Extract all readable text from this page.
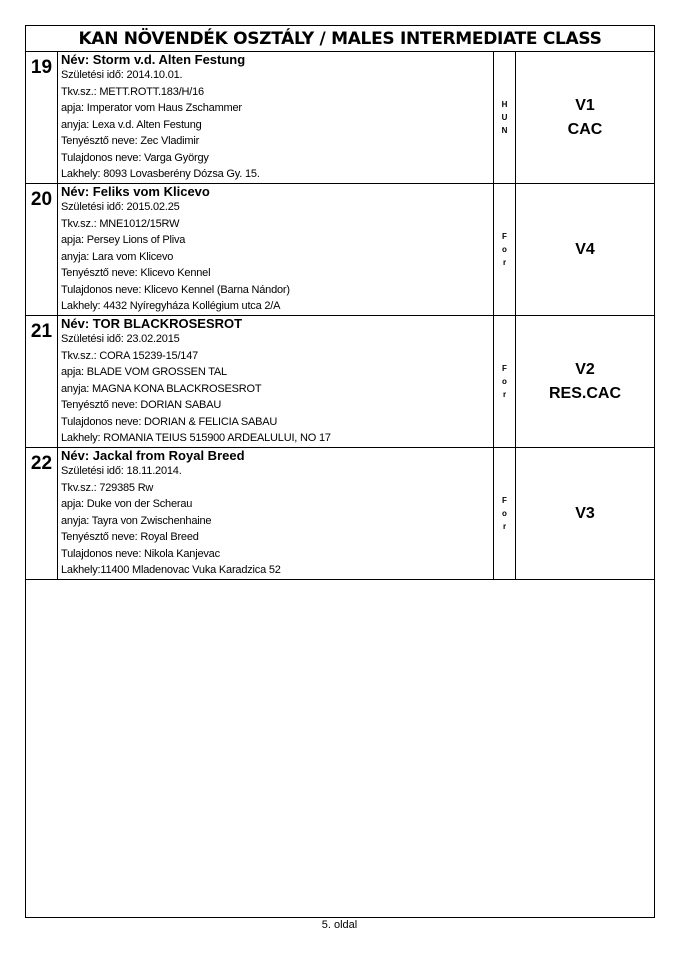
KAN NÖVENDÉK OSZTÁLY / MALES INTERMEDIATE CLASS
19 Név: Storm v.d. Alten Festung
Születési idő: 2014.10.01.
Tkv.sz.: METT.ROTT.183/H/16
apja: Imperator vom Haus Zschammer
anyja: Lexa v.d. Alten Festung
Tenyésztő neve: Zec Vladimir
Tulajdonos neve: Varga György
Lakhely: 8093 Lovasberény Dózsa Gy. 15.
H
U
N
V1
CAC
20 Név: Feliks vom Klicevo
Születési idő: 2015.02.25
Tkv.sz.: MNE1012/15RW
apja: Persey Lions of Pliva
anyja: Lara vom Klicevo
Tenyésztő neve: Klicevo Kennel
Tulajdonos neve: Klicevo Kennel (Barna Nándor)
Lakhely: 4432 Nyíregyháza Kollégium utca 2/A
F
o
r
V4
21 Név: TOR BLACKROSESROT
Születési idő: 23.02.2015
Tkv.sz.: CORA 15239-15/147
apja: BLADE VOM GROSSEN TAL
anyja: MAGNA KONA BLACKROSESROT
Tenyésztő neve: DORIAN SABAU
Tulajdonos neve: DORIAN & FELICIA SABAU
Lakhely: ROMANIA TEIUS 515900 ARDEALULUI, NO 17
F
o
r
V2
RES.CAC
22 Név: Jackal from Royal Breed
Születési idő: 18.11.2014.
Tkv.sz.: 729385 Rw
apja: Duke von der Scherau
anyja: Tayra von Zwischenhaine
Tenyésztő neve: Royal Breed
Tulajdonos neve: Nikola Kanjevac
Lakhely:11400 Mladenovac Vuka Karadzica 52
F
o
r
V3
5. oldal
